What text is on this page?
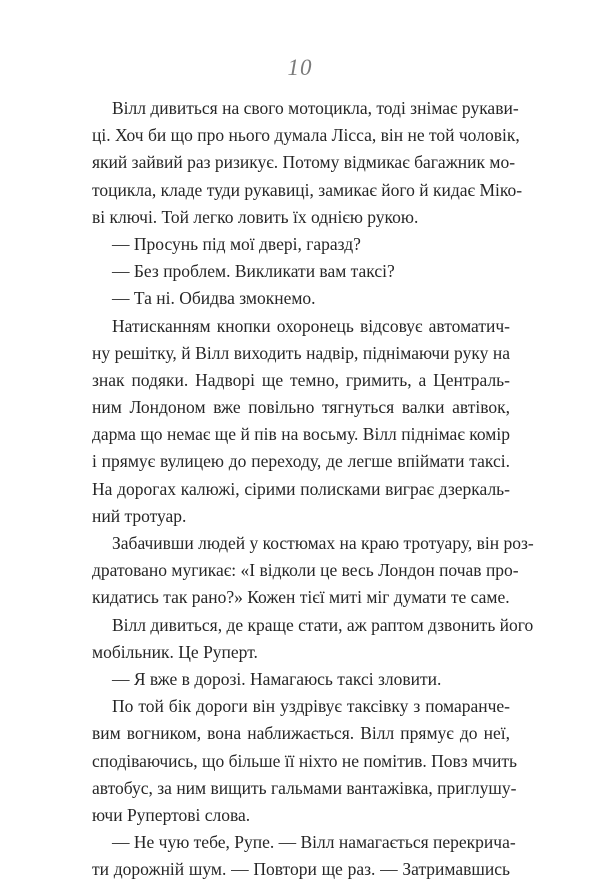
10
Вілл дивиться на свого мотоцикла, тоді знімає рукави-
ці. Хоч би що про нього думала Лісса, він не той чоловік,
який зайвий раз ризикує. Потому відмикає багажник мо-
тоцикла, кладе туди рукавиці, замикає його й кидає Міко-
ві ключі. Той легко ловить їх однією рукою.
— Просунь під мої двері, гаразд?
— Без проблем. Викликати вам таксі?
— Та ні. Обидва змокнемо.
Натисканням кнопки охоронець відсовує автоматич-
ну решітку, й Вілл виходить надвір, піднімаючи руку на
знак подяки. Надворі ще темно, гримить, а Централь-
ним Лондоном вже повільно тягнуться валки автівок,
дарма що немає ще й пів на восьму. Вілл піднімає комір
і прямує вулицею до переходу, де легше впіймати таксі.
На дорогах калюжі, сірими полисками виграє дзеркаль-
ний тротуар.
Забачивши людей у костюмах на краю тротуару, він роз-
дратовано мугикає: «І відколи це весь Лондон почав про-
кидатись так рано?» Кожен тієї миті міг думати те саме.
Вілл дивиться, де краще стати, аж раптом дзвонить його
мобільник. Це Руперт.
— Я вже в дорозі. Намагаюсь таксі зловити.
По той бік дороги він уздрівує таксівку з помаранче-
вим вогником, вона наближається. Вілл прямує до неї,
сподіваючись, що більше її ніхто не помітив. Повз мчить
автобус, за ним вищить гальмами вантажівка, приглушу-
ючи Рупертові слова.
— Не чую тебе, Рупе. — Вілл намагається перекрича-
ти дорожній шум. — Повтори ще раз. — Затримавшись
